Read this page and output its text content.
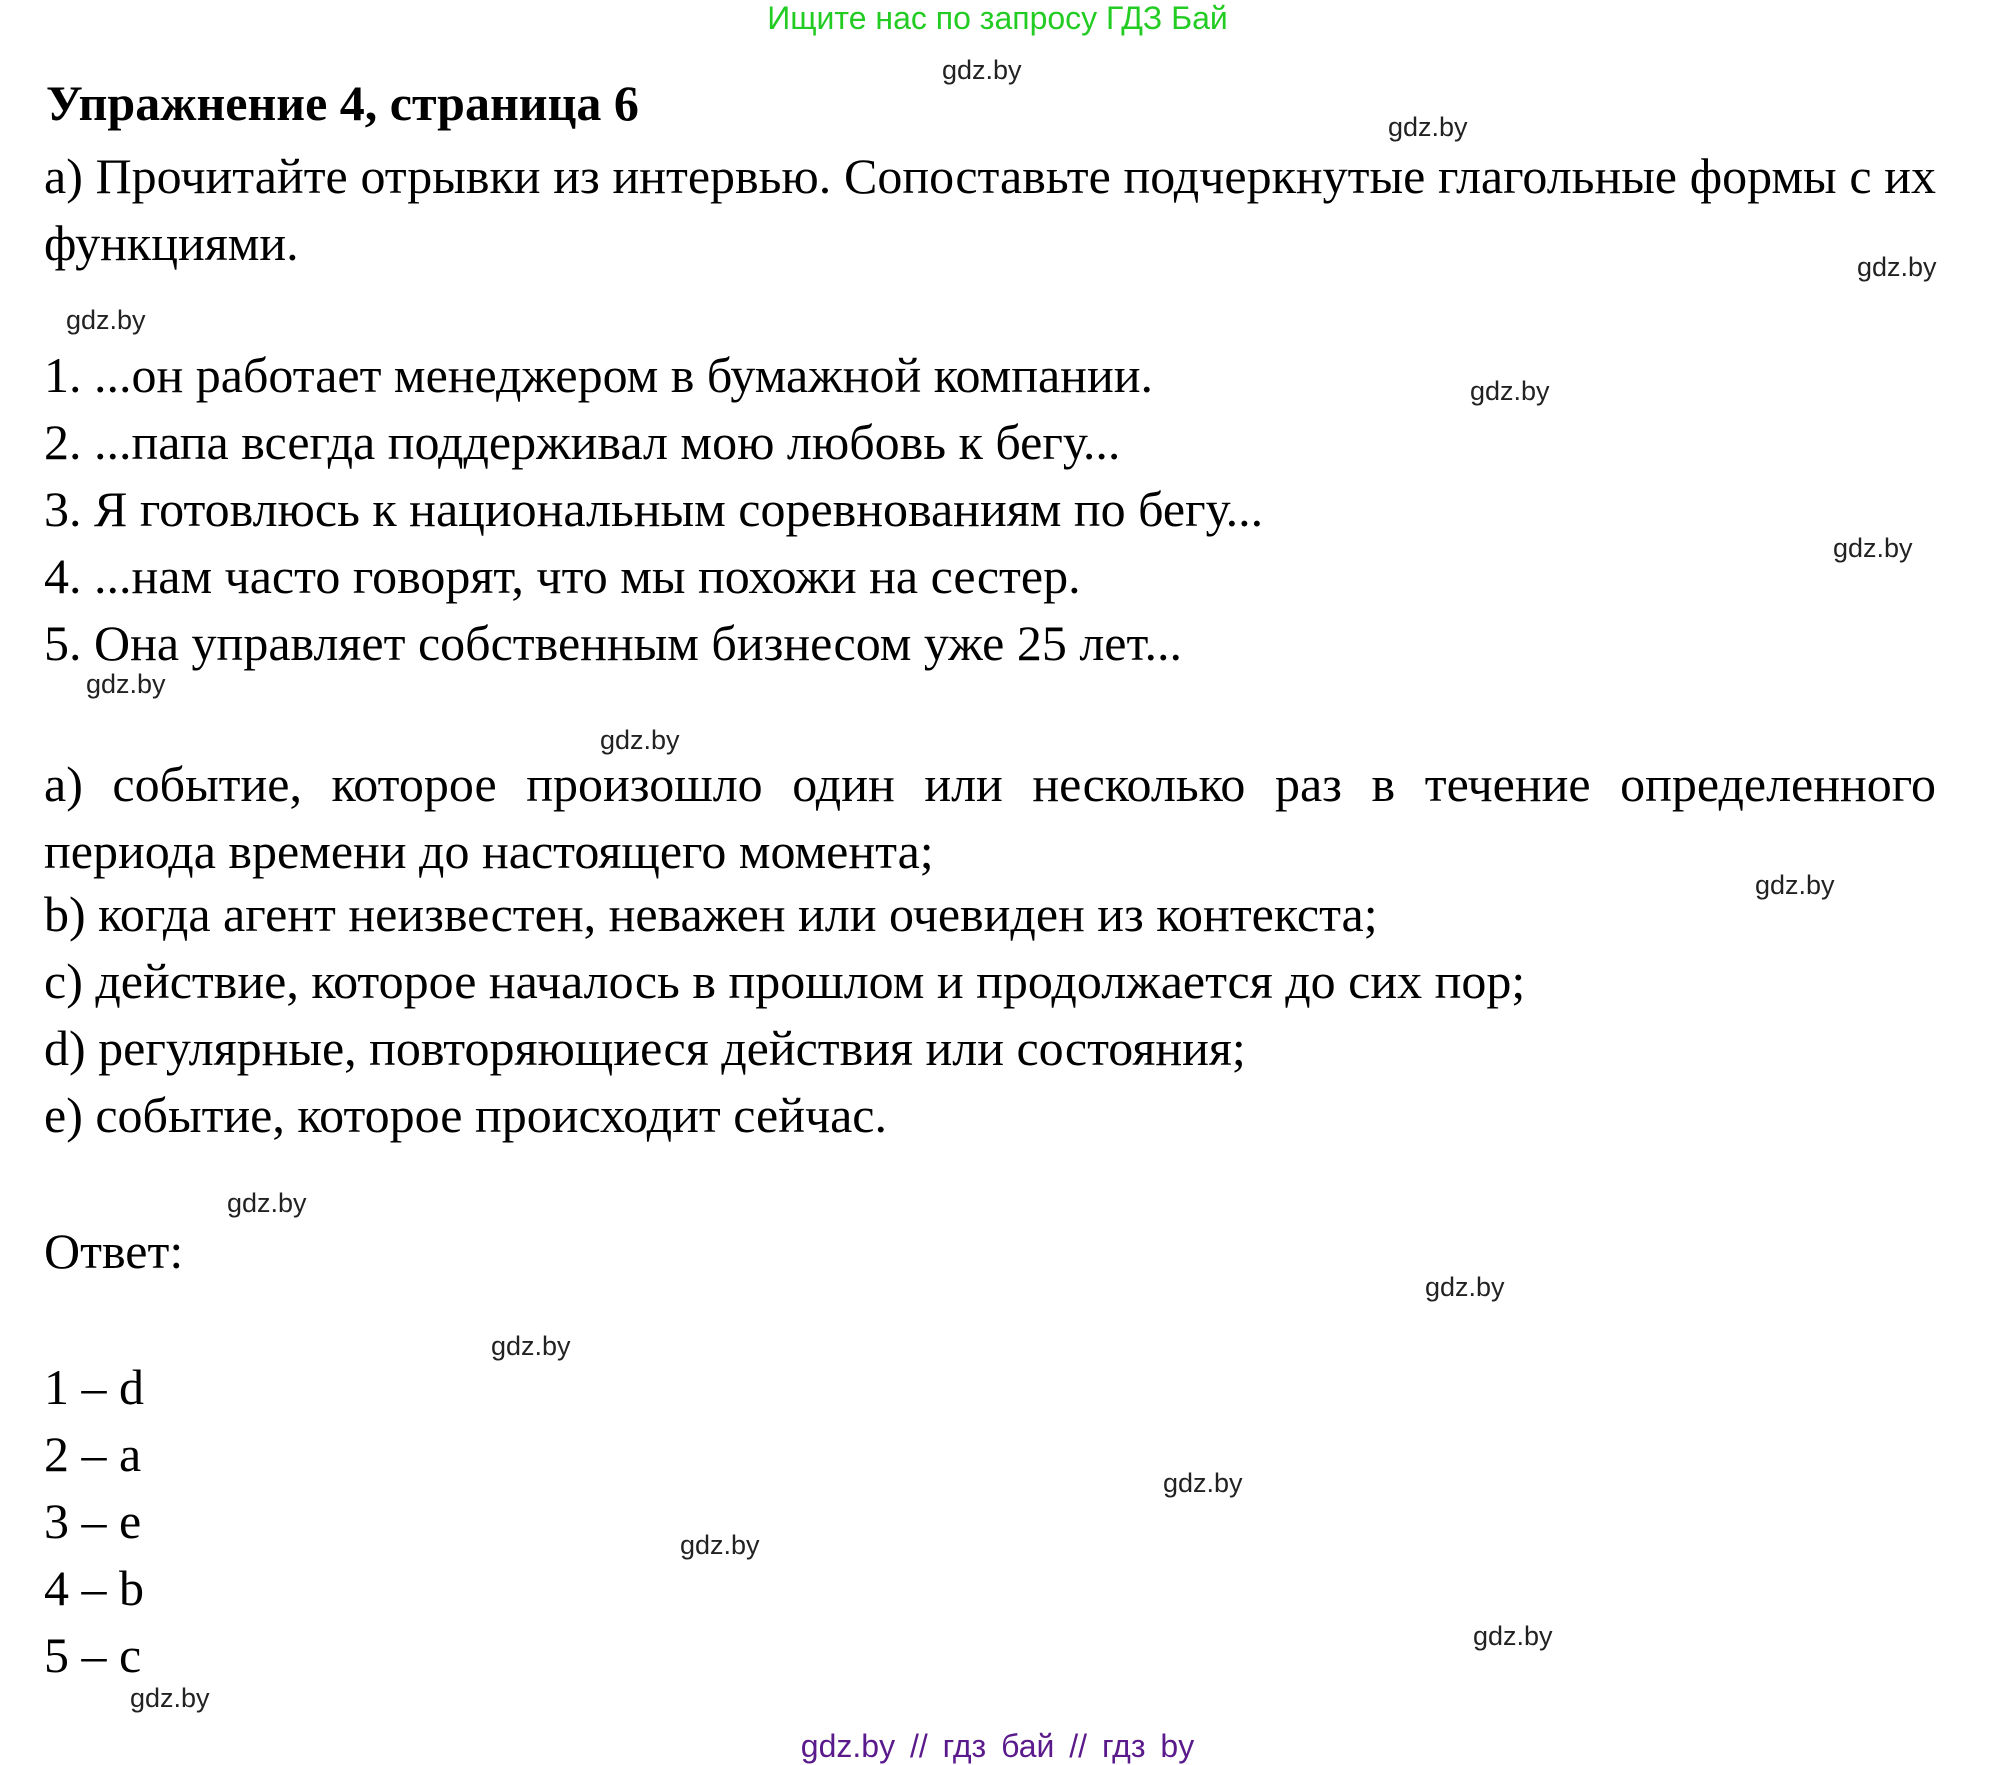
Ищите нас по запросу ГДЗ Бай
Упражнение 4, страница 6
а) Прочитайте отрывки из интервью. Сопоставьте подчеркнутые глагольные формы с их функциями.
1. ...он работает менеджером в бумажной компании.
2. ...папа всегда поддерживал мою любовь к бегу...
3. Я готовлюсь к национальным соревнованиям по бегу...
4. ...нам часто говорят, что мы похожи на сестер.
5. Она управляет собственным бизнесом уже 25 лет...
а) событие, которое произошло один или несколько раз в течение определенного периода времени до настоящего момента;
b) когда агент неизвестен, неважен или очевиден из контекста;
c) действие, которое началось в прошлом и продолжается до сих пор;
d) регулярные, повторяющиеся действия или состояния;
e) событие, которое происходит сейчас.
Ответ:
1 – d
2 – a
3 – e
4 – b
5 – c
gdz.by
gdz.by
gdz.by
gdz.by
gdz.by
gdz.by
gdz.by
gdz.by
gdz.by
gdz.by
gdz.by
gdz.by
gdz.by
gdz.by
gdz.by
gdz.by
gdz.by // гдз бай // гдз by
